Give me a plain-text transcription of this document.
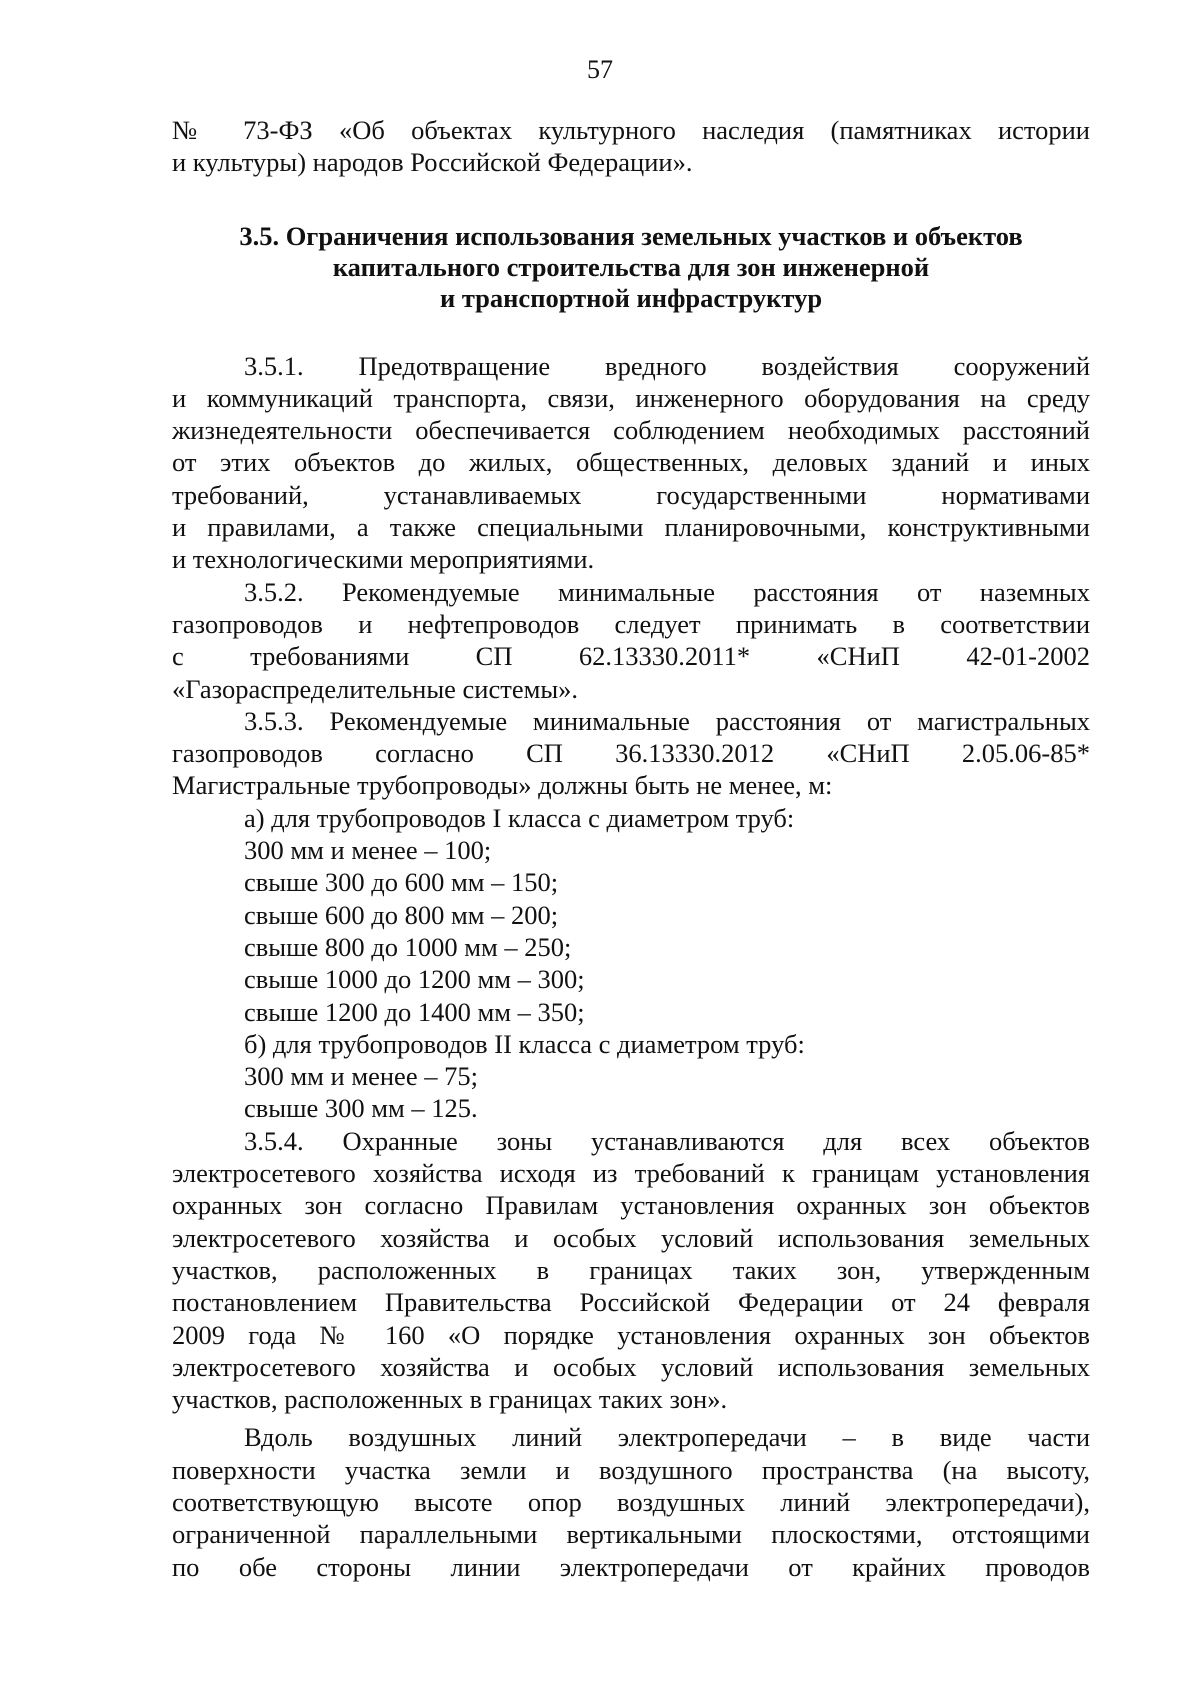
57
№ 73-ФЗ «Об объектах культурного наследия (памятниках истории
и культуры) народов Российской Федерации».
3.5. Ограничения использования земельных участков и объектов
капитального строительства для зон инженерной
и транспортной инфраструктур
3.5.1. Предотвращение вредного воздействия сооружений
и коммуникаций транспорта, связи, инженерного оборудования на среду
жизнедеятельности обеспечивается соблюдением необходимых расстояний
от этих объектов до жилых, общественных, деловых зданий и иных
требований, устанавливаемых государственными нормативами
и правилами, а также специальными планировочными, конструктивными
и технологическими мероприятиями.
3.5.2. Рекомендуемые минимальные расстояния от наземных
газопроводов и нефтепроводов следует принимать в соответствии
с требованиями СП 62.13330.2011* «СНиП 42-01-2002
«Газораспределительные системы».
3.5.3. Рекомендуемые минимальные расстояния от магистральных
газопроводов согласно СП 36.13330.2012 «СНиП 2.05.06-85*
Магистральные трубопроводы» должны быть не менее, м:
а) для трубопроводов I класса с диаметром труб:
300 мм и менее – 100;
свыше 300 до 600 мм – 150;
свыше 600 до 800 мм – 200;
свыше 800 до 1000 мм – 250;
свыше 1000 до 1200 мм – 300;
свыше 1200 до 1400 мм – 350;
б) для трубопроводов II класса с диаметром труб:
300 мм и менее – 75;
свыше 300 мм – 125.
3.5.4. Охранные зоны устанавливаются для всех объектов
электросетевого хозяйства исходя из требований к границам установления
охранных зон согласно Правилам установления охранных зон объектов
электросетевого хозяйства и особых условий использования земельных
участков, расположенных в границах таких зон, утвержденным
постановлением Правительства Российской Федерации от 24 февраля
2009 года № 160 «О порядке установления охранных зон объектов
электросетевого хозяйства и особых условий использования земельных
участков, расположенных в границах таких зон».
Вдоль воздушных линий электропередачи – в виде части
поверхности участка земли и воздушного пространства (на высоту,
соответствующую высоте опор воздушных линий электропередачи),
ограниченной параллельными вертикальными плоскостями, отстоящими
по обе стороны линии электропередачи от крайних проводов
